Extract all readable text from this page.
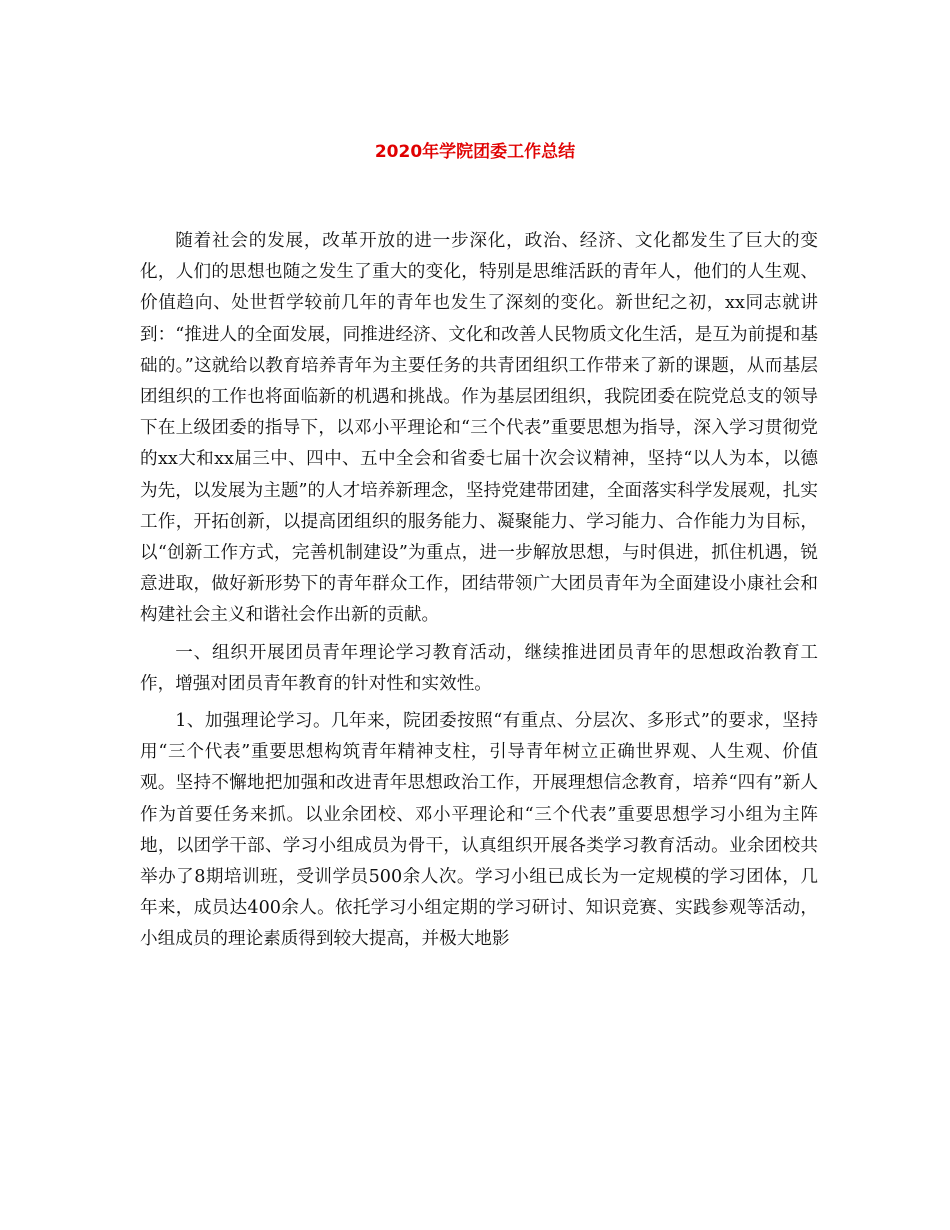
2020年学院团委工作总结

随着社会的发展，改革开放的进一步深化，政治、经济、文化都发生了巨大的变化，人们的思想也随之发生了重大的变化，特别是思维活跃的青年人，他们的人生观、价值趋向、处世哲学较前几年的青年也发生了深刻的变化。新世纪之初，xx同志就讲到：“推进人的全面发展，同推进经济、文化和改善人民物质文化生活，是互为前提和基础的。”这就给以教育培养青年为主要任务的共青团组织工作带来了新的课题，从而基层团组织的工作也将面临新的机遇和挑战。作为基层团组织，我院团委在院党总支的领导下在上级团委的指导下，以邓小平理论和“三个代表”重要思想为指导，深入学习贯彻党的xx大和xx届三中、四中、五中全会和省委七届十次会议精神，坚持“以人为本，以德为先，以发展为主题”的人才培养新理念，坚持党建带团建，全面落实科学发展观，扎实工作，开拓创新，以提高团组织的服务能力、凝聚能力、学习能力、合作能力为目标，以“创新工作方式，完善机制建设”为重点，进一步解放思想，与时俱进，抓住机遇，锐意进取，做好新形势下的青年群众工作，团结带领广大团员青年为全面建设小康社会和构建社会主义和谐社会作出新的贡献。

一、组织开展团员青年理论学习教育活动，继续推进团员青年的思想政治教育工作，增强对团员青年教育的针对性和实效性。

1、加强理论学习。几年来，院团委按照“有重点、分层次、多形式”的要求，坚持用“三个代表”重要思想构筑青年精神支柱，引导青年树立正确世界观、人生观、价值观。坚持不懈地把加强和改进青年思想政治工作，开展理想信念教育，培养“四有”新人作为首要任务来抓。以业余团校、邓小平理论和“三个代表”重要思想学习小组为主阵地，以团学干部、学习小组成员为骨干，认真组织开展各类学习教育活动。业余团校共举办了8期培训班，受训学员500余人次。学习小组已成长为一定规模的学习团体，几年来，成员达400余人。依托学习小组定期的学习研讨、知识竞赛、实践参观等活动，小组成员的理论素质得到较大提高，并极大地影
